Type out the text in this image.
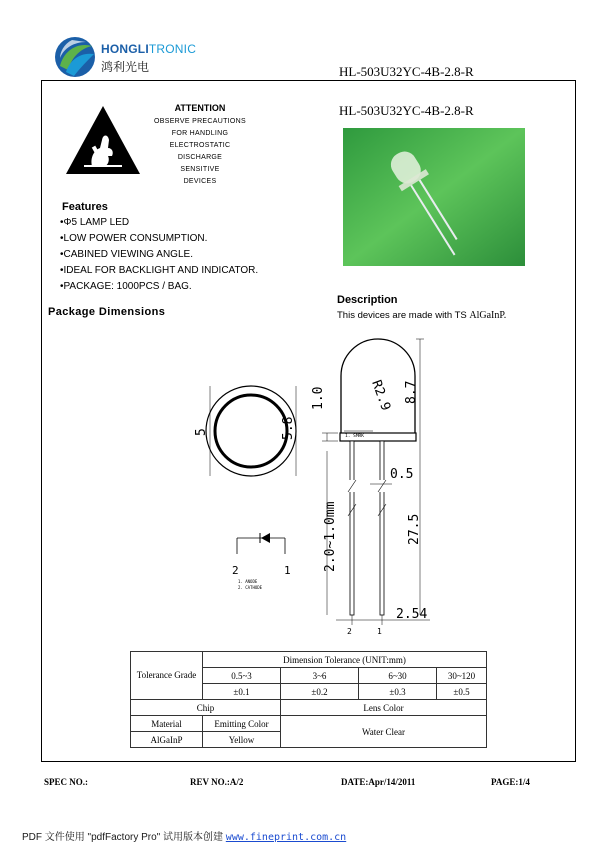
HONGLITRONIC
鸿利光电	HL-503U32YC-4B-2.8-R
ATTENTION
OBSERVE PRECAUTIONS
FOR HANDLING
ELECTROSTATIC
DISCHARGE
SENSITIVE
DEVICES
HL-503U32YC-4B-2.8-R
Features
•Φ5 LAMP LED
•LOW POWER CONSUMPTION.
•CABINED VIEWING ANGLE.
•IDEAL FOR BACKLIGHT AND INDICATOR.
•PACKAGE: 1000PCS / BAG.
Description
This devices are made with TS AlGaInP.
Package Dimensions
5	5.8	1. SMRK
R2.9 8.7
27.5
1.0
2.0~1.0mm
0.5
2.54
2	1
2	1
1. ANODE
2. CATHODE
Tolerance Grade	Dimension Tolerance (UNIT:mm)			
	0.5~3	3~6	6~30	30~120
	±0.1	±0.2	±0.3	±0.5
Chip		Lens Color		
Material	Emitting Color	Water Clear		
AlGaInP	Yellow			
SPEC NO.:	REV NO.:A/2	DATE:Apr/14/2011	PAGE:1/4
PDF 文件使用 "pdfFactory Pro" 试用版本创建 www.fineprint.com.cn
